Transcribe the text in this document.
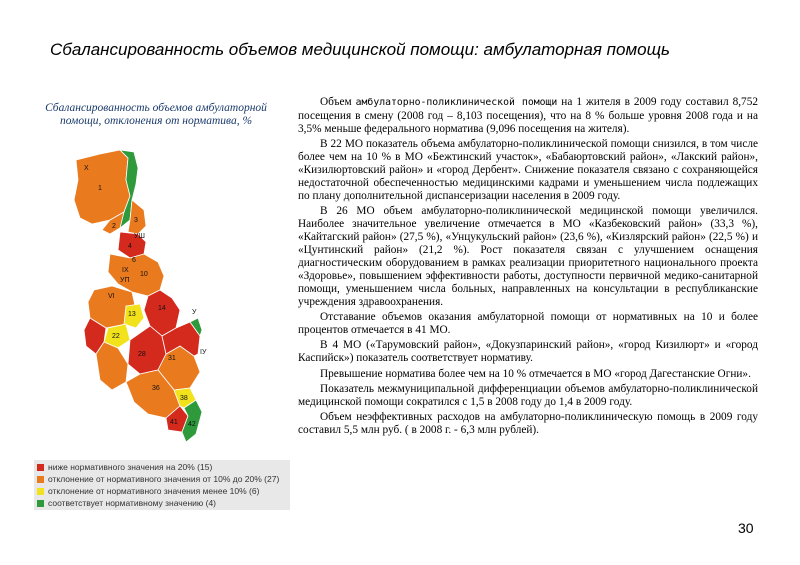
Сбалансированность объемов медицинской помощи: амбулаторная помощь
Сбалансированность объемов амбулаторной помощи, отклонения от норматива, %
X
1
2
3
УШ
4
6
IX
УП
10
VI
13
14
22
28
31
36
38
41 42
У
IУ
ниже нормативного значения на 20% (15)
отклонение от нормативного значения от 10% до 20% (27)
отклонение от нормативного значения менее 10% (6)
соответствует нормативному значению (4)

Объем амбулаторно-поликлинической помощи на 1 жителя в 2009 году составил 8,752 посещения в смену (2008 год – 8,103 посещения), что на 8 % больше уровня 2008 года и на 3,5% меньше федерального норматива (9,096 посещения на жителя).

В 22 МО показатель объема амбулаторно-поликлинической помощи снизился, в том числе более чем на 10 % в МО «Бежтинский участок», «Бабаюртовский район», «Лакский район», «Кизилюртовский район» и «город Дербент». Снижение показателя связано с сохраняющейся недостаточной обеспеченностью медицинскими кадрами и уменьшением числа подлежащих по плану дополнительной диспансеризации населения в 2009 году.

В 26 МО объем амбулаторно-поликлинической медицинской помощи увеличился. Наиболее значительное увеличение отмечается в МО «Казбековский район» (33,3 %), «Кайтагский район» (27,5 %), «Унцукульский район» (23,6 %), «Кизлярский район» (22,5 %) и «Цунтинский район» (21,2 %). Рост показателя связан с улучшением оснащения диагностическим оборудованием в рамках реализации приоритетного национального проекта «Здоровье», повышением эффективности работы, доступности первичной медико-санитарной помощи, уменьшением числа больных, направленных на консультации в республиканские учреждения здравоохранения.

Отставание объемов оказания амбулаторной помощи от нормативных на 10 и более процентов отмечается в 41 МО.

В 4 МО («Тарумовский район», «Докузпаринский район», «город Кизилюрт» и «город Каспийск») показатель соответствует нормативу.

Превышение норматива более чем на 10 % отмечается в МО «город Дагестанские Огни».

Показатель межмуниципальной дифференциации объемов амбулаторно-поликлинической медицинской помощи сократился с 1,5 в 2008 году до 1,4 в 2009 году.

Объем неэффективных расходов на амбулаторно-поликлиническую помощь в 2009 году составил 5,5 млн руб. ( в 2008 г. - 6,3 млн рублей).

30
